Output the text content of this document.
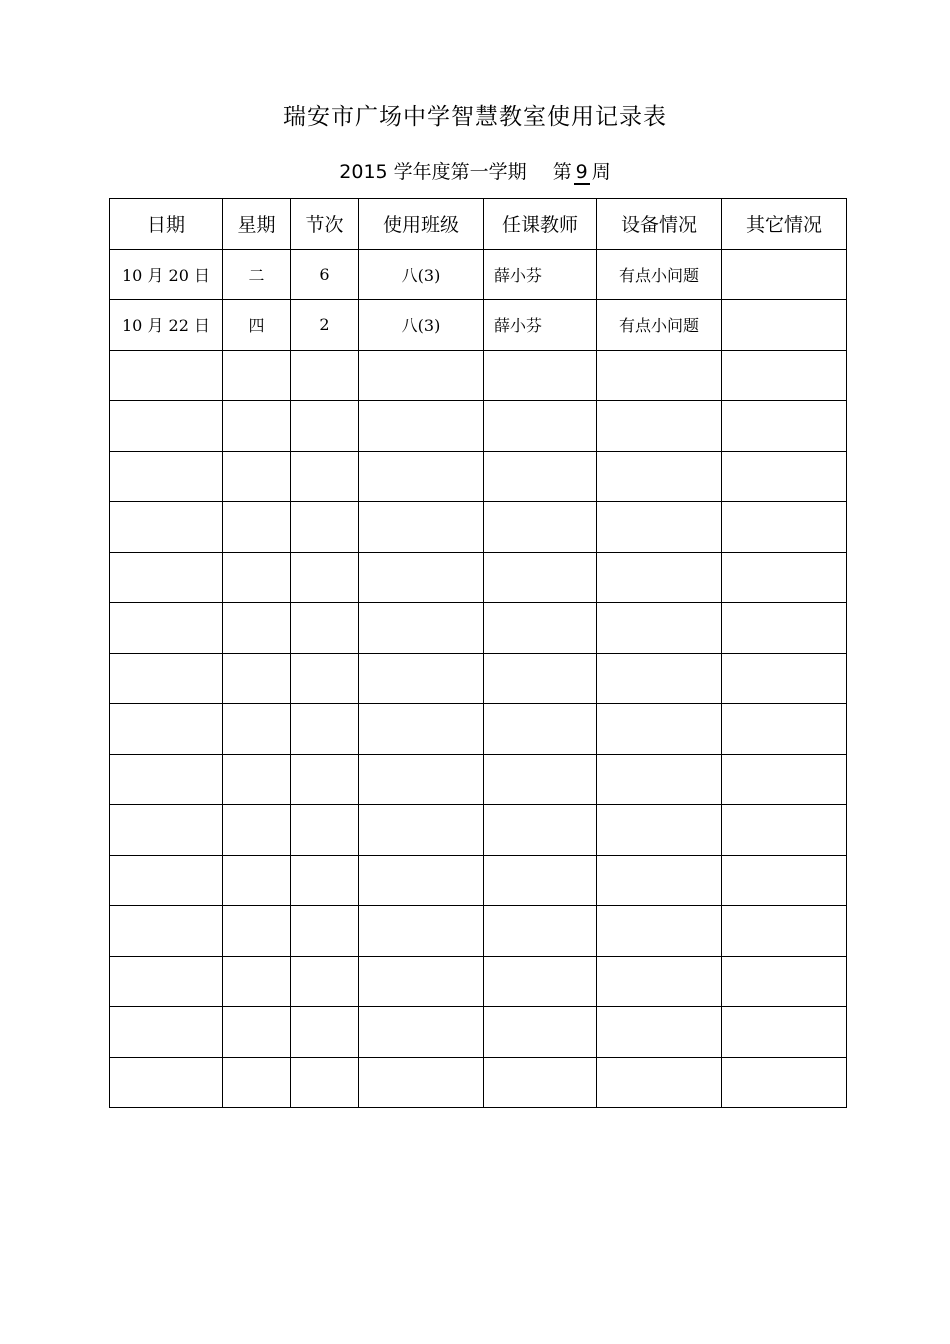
瑞安市广场中学智慧教室使用记录表
2015 学年度第一学期 第 9 周
日期	星期	节次	使用班级	任课教师	设备情况	其它情况
10 月 20 日	二	6	八(3)	薛小芬	有点小问题	
10 月 22 日	四	2	八(3)	薛小芬	有点小问题	
